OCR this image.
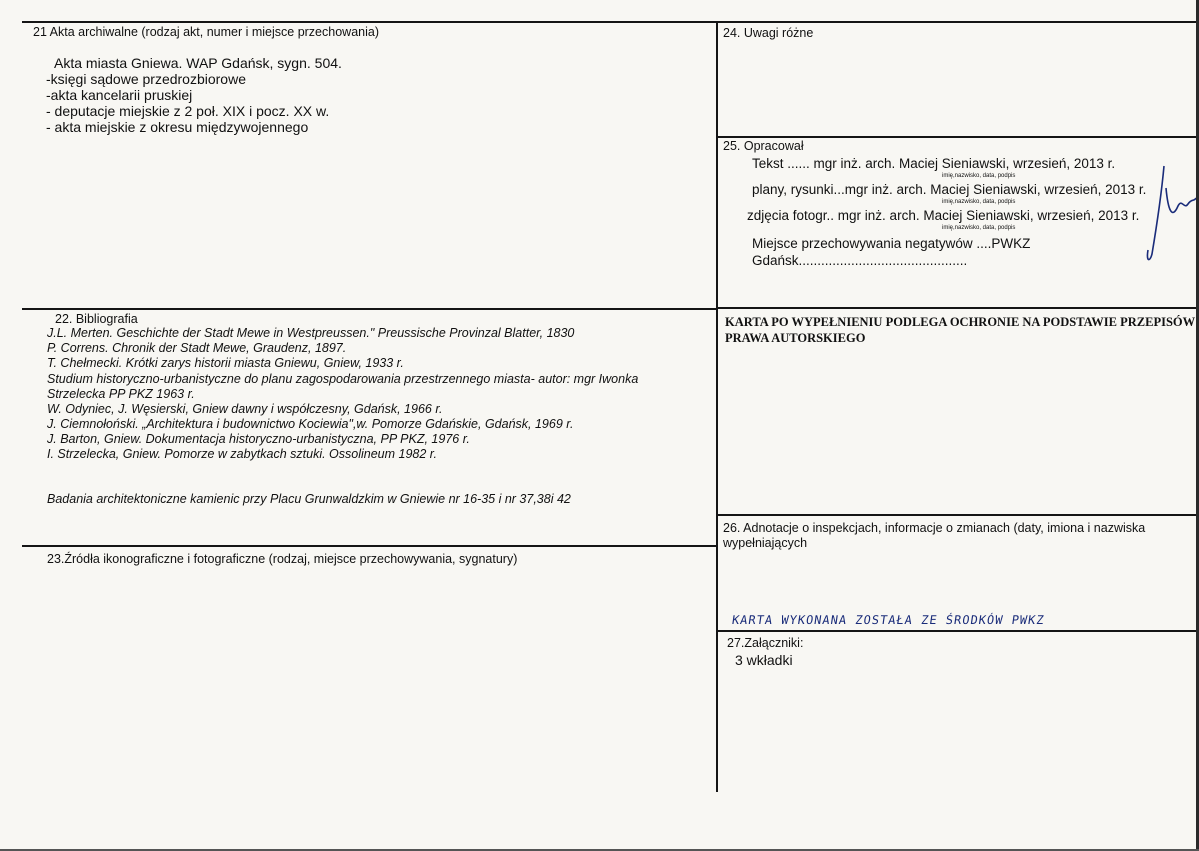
21 Akta archiwalne (rodzaj akt, numer i miejsce przechowania)
Akta miasta Gniewa. WAP Gdańsk, sygn. 504.
-księgi sądowe przedrozbiorowe
-akta kancelarii pruskiej
- deputacje miejskie z 2 poł. XIX i pocz. XX w.
- akta miejskie z okresu międzywojennego
24. Uwagi różne
25. Opracował
Tekst ...... mgr inż. arch. Maciej Sieniawski, wrzesień, 2013 r.
imię,nazwisko, data, podpis
plany, rysunki...mgr inż. arch. Maciej Sieniawski, wrzesień, 2013 r.
imię,nazwisko, data, podpis
zdjęcia fotogr.. mgr inż. arch. Maciej Sieniawski, wrzesień, 2013 r.
imię,nazwisko, data, podpis
Miejsce przechowywania negatywów ....PWKZ
Gdańsk.............................................
KARTA PO WYPEŁNIENIU PODLEGA OCHRONIE NA PODSTAWIE PRZEPISÓW
PRAWA AUTORSKIEGO
22. Bibliografia
J.L. Merten. Geschichte der Stadt Mewe in Westpreussen." Preussische Provinzal Blatter, 1830
P. Correns. Chronik der Stadt Mewe, Graudenz, 1897.
T. Chełmecki. Krótki zarys historii miasta Gniewu, Gniew, 1933 r.
Studium historyczno-urbanistyczne do planu zagospodarowania przestrzennego miasta- autor: mgr Iwonka
Strzelecka PP PKZ 1963 r.
W. Odyniec, J. Węsierski, Gniew dawny i współczesny, Gdańsk, 1966 r.
J. Ciemnołoński. „Architektura i budownictwo Kociewia",w. Pomorze Gdańskie, Gdańsk, 1969 r.
J. Barton, Gniew. Dokumentacja historyczno-urbanistyczna, PP PKZ, 1976 r.
I. Strzelecka, Gniew. Pomorze w zabytkach sztuki. Ossolineum 1982 r.
Badania architektoniczne kamienic przy Placu Grunwaldzkim w Gniewie nr 16-35 i nr 37,38i 42
26. Adnotacje o inspekcjach, informacje o zmianach (daty, imiona i nazwiska
wypełniających
KARTA WYKONANA ZOSTAŁA ZE ŚRODKÓW PWKZ
23.Źródła ikonograficzne i fotograficzne (rodzaj, miejsce przechowywania, sygnatury)
27.Załączniki:
3 wkładki
